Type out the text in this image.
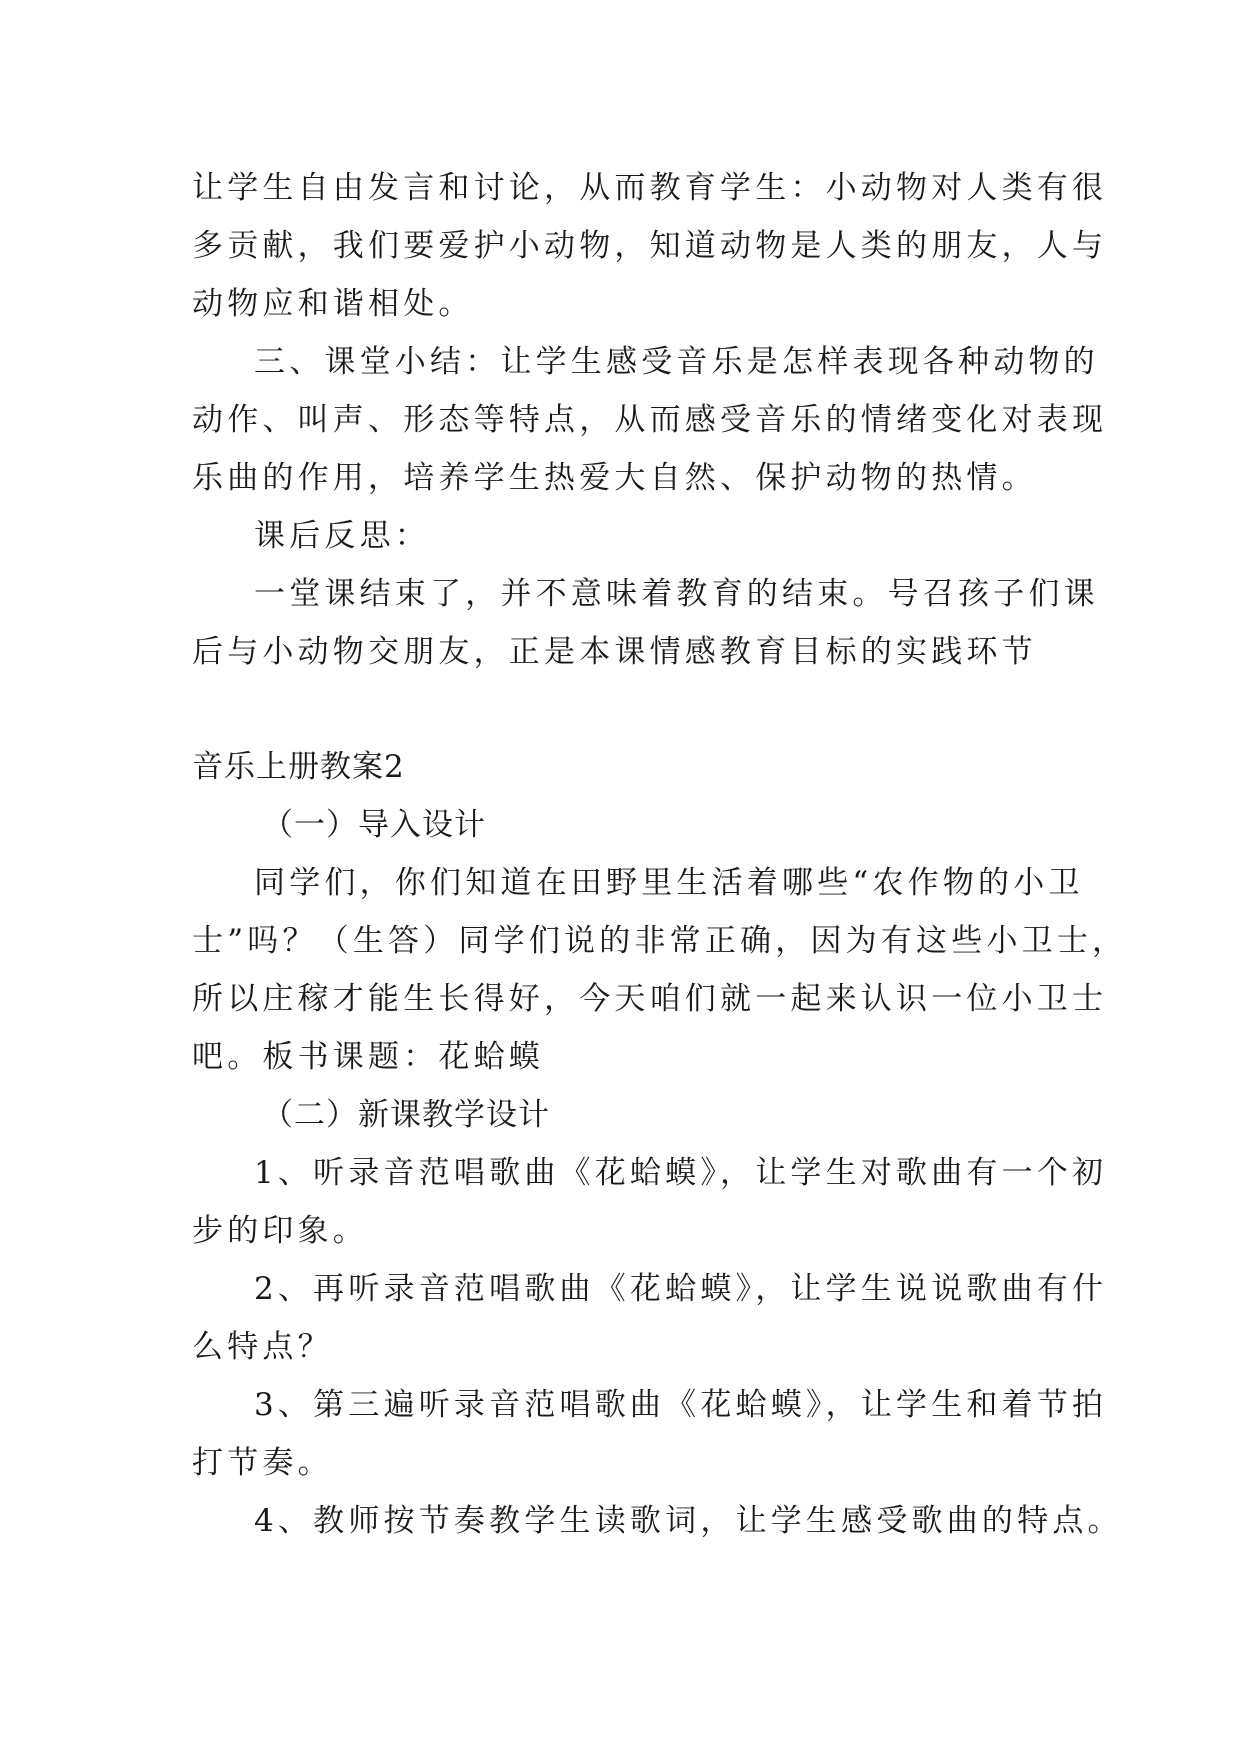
让学生自由发言和讨论，从而教育学生：小动物对人类有很
多贡献，我们要爱护小动物，知道动物是人类的朋友，人与
动物应和谐相处。
三、课堂小结：让学生感受音乐是怎样表现各种动物的
动作、叫声、形态等特点，从而感受音乐的情绪变化对表现
乐曲的作用，培养学生热爱大自然、保护动物的热情。
课后反思：
一堂课结束了，并不意味着教育的结束。号召孩子们课
后与小动物交朋友，正是本课情感教育目标的实践环节
音乐上册教案2
（一）导入设计
同学们，你们知道在田野里生活着哪些“农作物的小卫
士”吗？（生答）同学们说的非常正确，因为有这些小卫士，
所以庄稼才能生长得好，今天咱们就一起来认识一位小卫士
吧。板书课题：花蛤蟆
（二）新课教学设计
1、听录音范唱歌曲《花蛤蟆》，让学生对歌曲有一个初
步的印象。
2、再听录音范唱歌曲《花蛤蟆》，让学生说说歌曲有什
么特点？
3、第三遍听录音范唱歌曲《花蛤蟆》，让学生和着节拍
打节奏。
4、教师按节奏教学生读歌词，让学生感受歌曲的特点。
